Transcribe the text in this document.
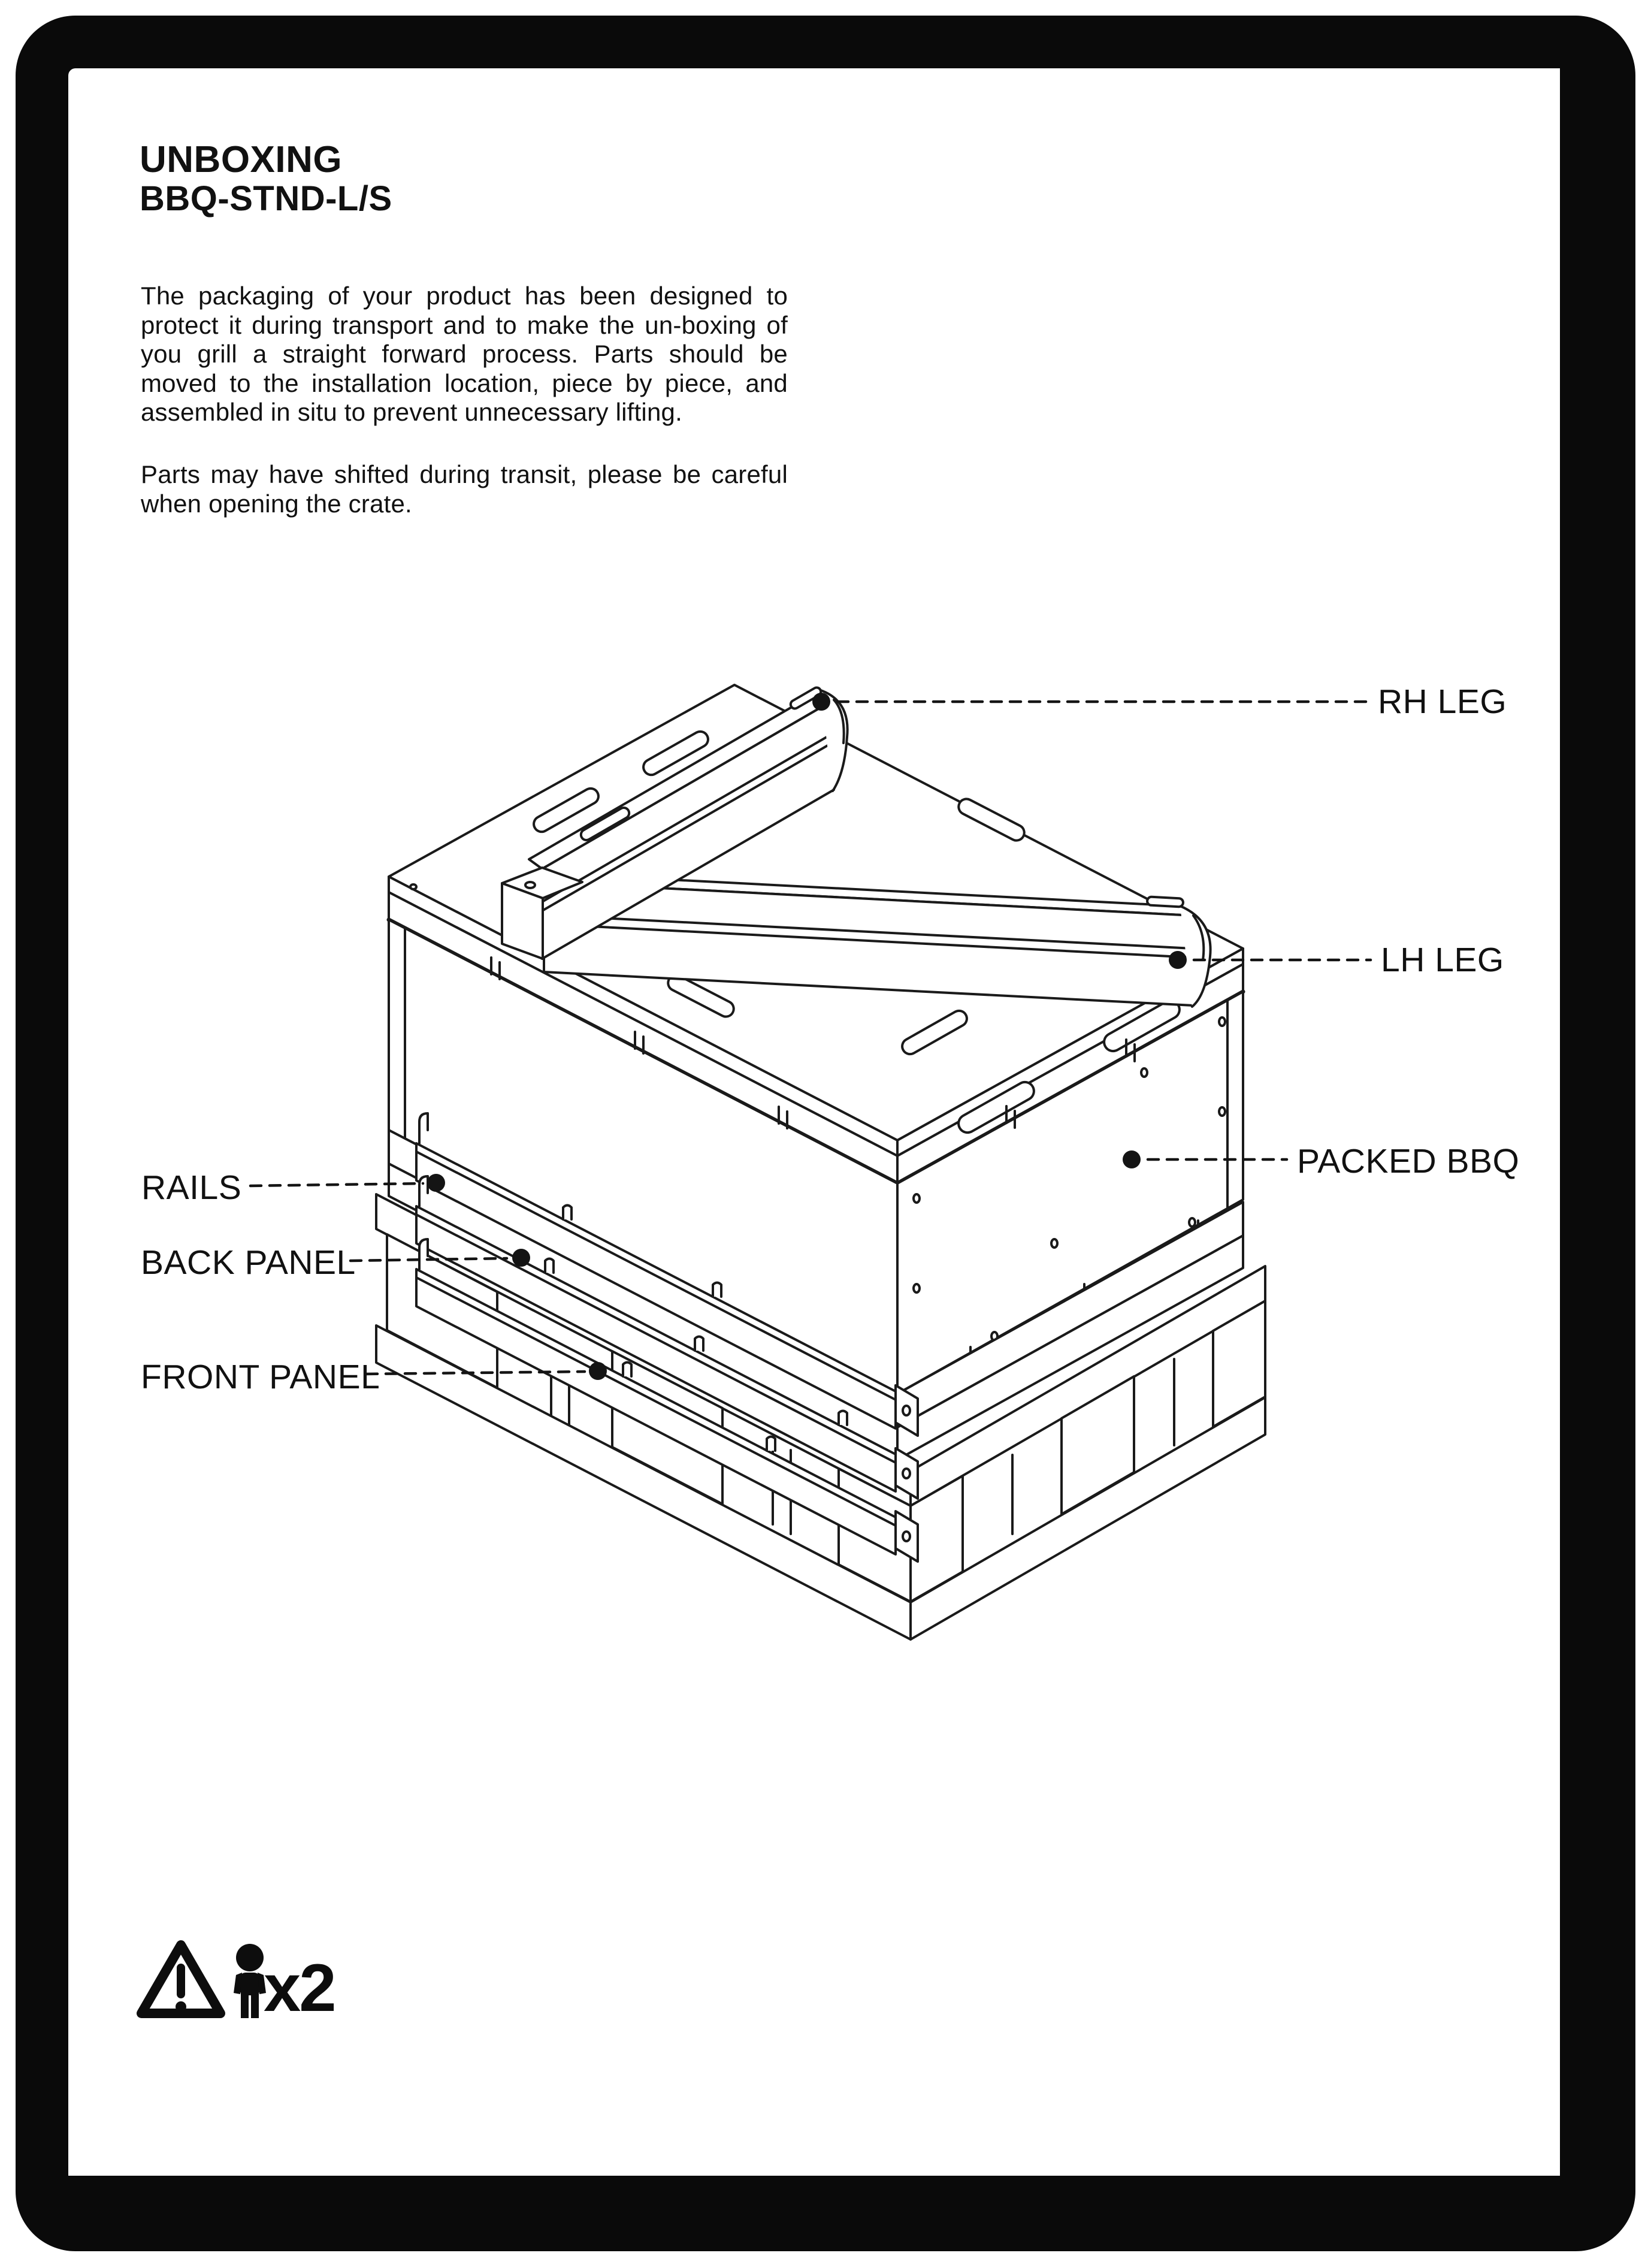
UNBOXING
BBQ-STND-L/S
The packaging of your product has been designed to protect it during transport and to make the un-boxing of you grill a straight forward process. Parts should be moved to the installation location, piece by piece, and assembled in situ to prevent unnecessary lifting.
Parts may have shifted during transit, please be careful when opening the crate.
RH LEG
LH LEG
PACKED BBQ
RAILS
BACK PANEL
FRONT PANEL
x2
